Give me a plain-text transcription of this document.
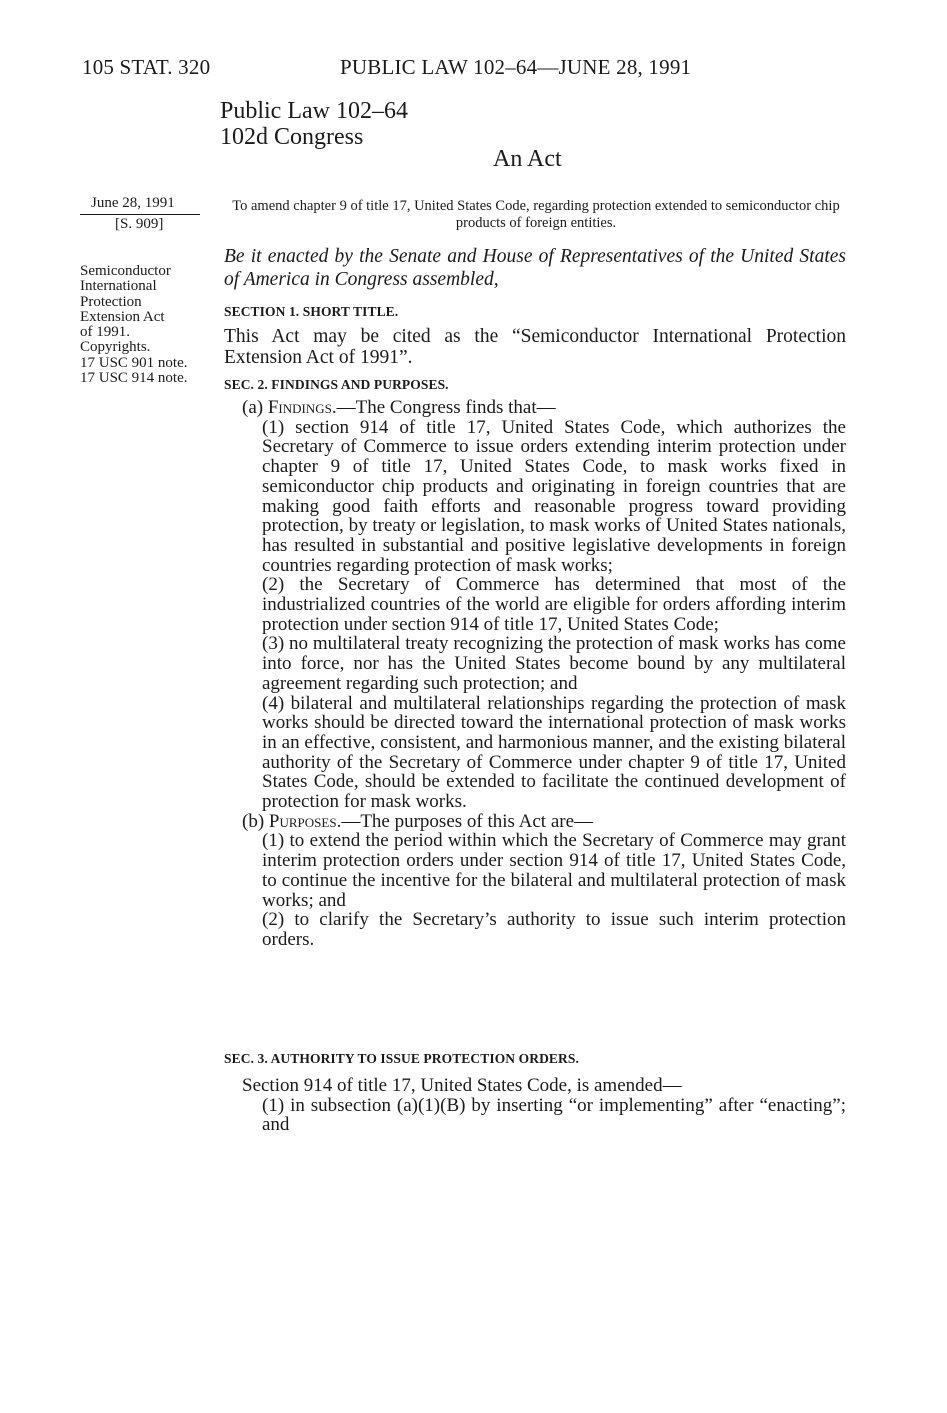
105 STAT. 320	PUBLIC LAW 102–64—JUNE 28, 1991
Public Law 102–64
102d Congress
An Act
June 28, 1991
[S. 909]
Semiconductor
International
Protection
Extension Act
of 1991.
Copyrights.
17 USC 901 note.
17 USC 914 note.
To amend chapter 9 of title 17, United States Code, regarding protection extended to semiconductor chip products of foreign entities.
Be it enacted by the Senate and House of Representatives of the United States of America in Congress assembled,
SECTION 1. SHORT TITLE.

This Act may be cited as the “Semiconductor International Protection Extension Act of 1991”.

SEC. 2. FINDINGS AND PURPOSES.

(a) Findings.—The Congress finds that—

(1) section 914 of title 17, United States Code, which authorizes the Secretary of Commerce to issue orders extending interim protection under chapter 9 of title 17, United States Code, to mask works fixed in semiconductor chip products and originating in foreign countries that are making good faith efforts and reasonable progress toward providing protection, by treaty or legislation, to mask works of United States nationals, has resulted in substantial and positive legislative developments in foreign countries regarding protection of mask works;

(2) the Secretary of Commerce has determined that most of the industrialized countries of the world are eligible for orders affording interim protection under section 914 of title 17, United States Code;

(3) no multilateral treaty recognizing the protection of mask works has come into force, nor has the United States become bound by any multilateral agreement regarding such protection; and

(4) bilateral and multilateral relationships regarding the protection of mask works should be directed toward the international protection of mask works in an effective, consistent, and harmonious manner, and the existing bilateral authority of the Secretary of Commerce under chapter 9 of title 17, United States Code, should be extended to facilitate the continued development of protection for mask works.

(b) Purposes.—The purposes of this Act are—

(1) to extend the period within which the Secretary of Commerce may grant interim protection orders under section 914 of title 17, United States Code, to continue the incentive for the bilateral and multilateral protection of mask works; and

(2) to clarify the Secretary’s authority to issue such interim protection orders.

SEC. 3. AUTHORITY TO ISSUE PROTECTION ORDERS.

Section 914 of title 17, United States Code, is amended—

(1) in subsection (a)(1)(B) by inserting “or implementing” after “enacting”; and
